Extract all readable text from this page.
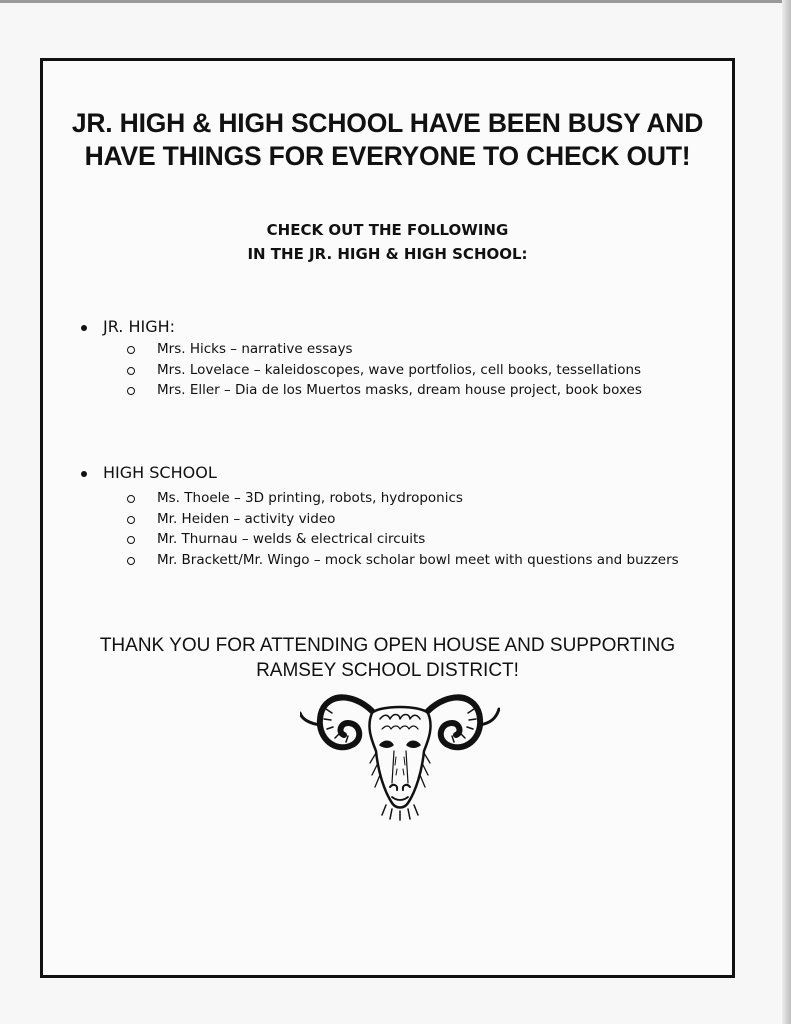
JR. HIGH & HIGH SCHOOL HAVE BEEN BUSY AND
HAVE THINGS FOR EVERYONE TO CHECK OUT!
CHECK OUT THE FOLLOWING
IN THE JR. HIGH & HIGH SCHOOL:
JR. HIGH:
Mrs. Hicks – narrative essays
Mrs. Lovelace – kaleidoscopes, wave portfolios, cell books, tessellations
Mrs. Eller – Dia de los Muertos masks, dream house project, book boxes
HIGH SCHOOL
Ms. Thoele – 3D printing, robots, hydroponics
Mr. Heiden – activity video
Mr. Thurnau – welds & electrical circuits
Mr. Brackett/Mr. Wingo – mock scholar bowl meet with questions and buzzers
THANK YOU FOR ATTENDING OPEN HOUSE AND SUPPORTING
RAMSEY SCHOOL DISTRICT!
